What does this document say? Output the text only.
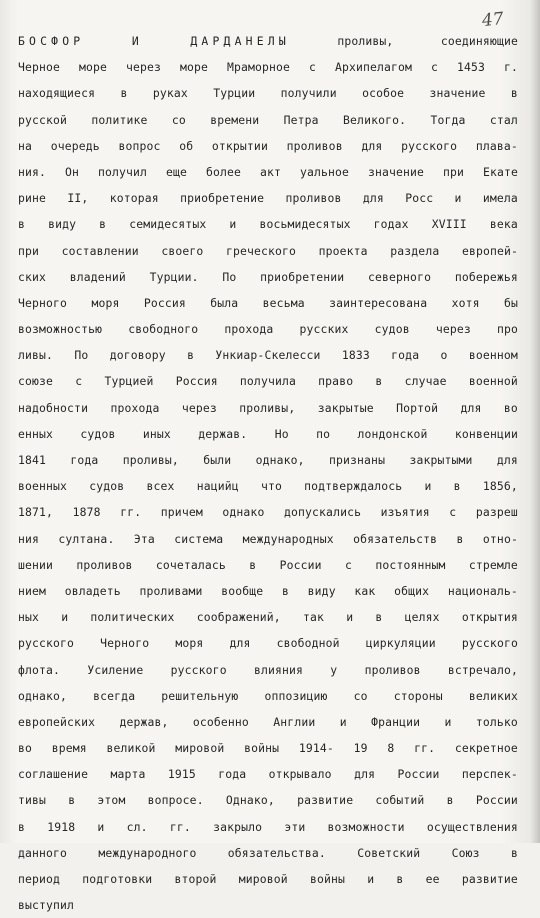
47
БОСФОР	И	ДАРДАНЕЛЫ	проливы,	соединяющие
Черное море через море Мраморное с Архипелагом с 1453 г.
находящиеся в руках Турции получили особое значение в
русской политике со времени Петра Великого. Тогда стал
на очередь вопрос об открытии проливов для русского плава-
ния. Он получил еще более акт уальное значение при Екате
рине II, которая приобретение проливов для Росс и имела
в виду в семидесятых и восьмидесятых годах XVIII века
при составлении своего греческого проекта раздела европей-
ских владений Турции. По приобретении северного побережья
Черного моря Россия была весьма заинтересована хотя бы
возможностью свободного прохода русских судов через про
ливы. По договору в Ункиар-Скелесси 1833 года о военном
союзе с Турцией Россия получила право в случае военной
надобности прохода через проливы, закрытые Портой для во
енных судов иных держав. Но по лондонской конвенции
1841 года проливы, были однако, признаны закрытыми для
военных судов всех нацийц что подтверждалось и в 1856,
1871, 1878 гг. причем однако допускались изъятия с разреш
ния султана. Эта система международных обязательств в отно-
шении проливов сочеталась в России с постоянным стремле
нием овладеть проливами вообще в виду как общих националь-
ных и политических соображений, так и в целях открытия
русского Черного моря для свободной циркуляции русского
флота. Усиление русского влияния у проливов встречало,
однако, всегда решительную оппозицию со стороны великих
европейских держав, особенно Англии и Франции и только
во время великой мировой войны 1914- 19 8 гг. секретное
соглашение марта 1915 года открывало для России перспек-
тивы в этом вопросе. Однако, развитие событий в России
в 1918 и сл. гг. закрыло эти возможности осуществления
данного	международного	обязательства.	Советский	Союз	в
период подготовки второй мировой войны и в ее развитие
выступил
